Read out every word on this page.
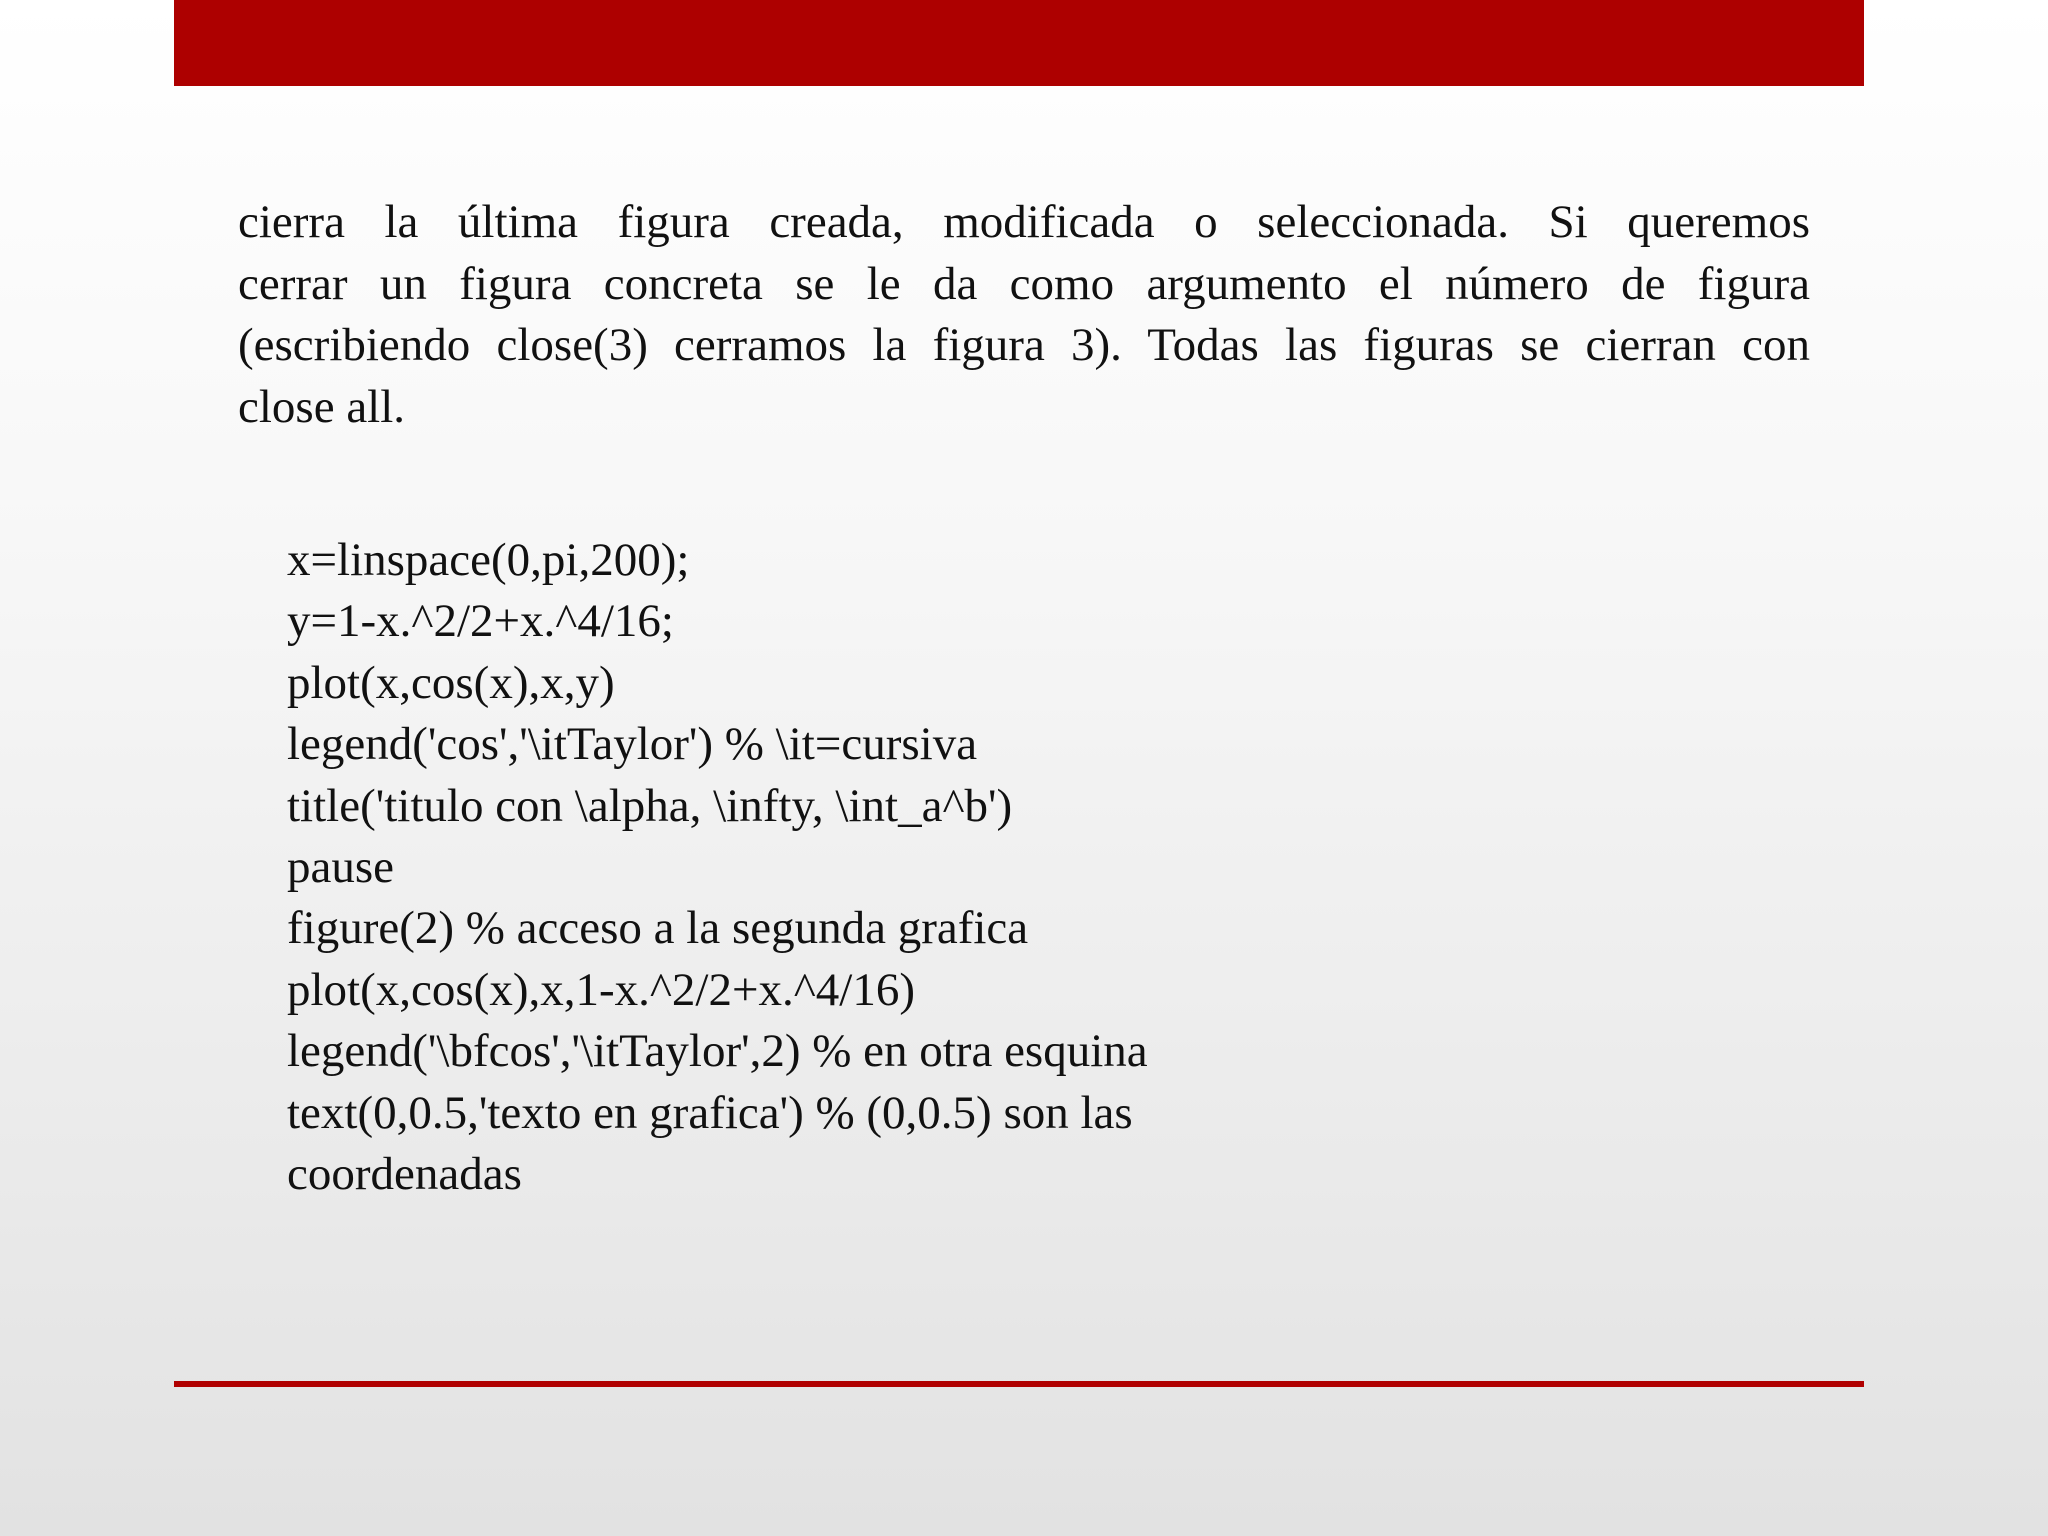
cierra la última figura creada, modificada o seleccionada. Si queremos
cerrar un figura concreta se le da como argumento el número de figura
(escribiendo close(3) cerramos la figura 3). Todas las figuras se cierran con
close all.
x=linspace(0,pi,200);
y=1-x.^2/2+x.^4/16;
plot(x,cos(x),x,y)
legend('cos','\itTaylor') % \it=cursiva
title('titulo con \alpha, \infty, \int_a^b')
pause
figure(2) % acceso a la segunda grafica
plot(x,cos(x),x,1-x.^2/2+x.^4/16)
legend('\bfcos','\itTaylor',2) % en otra esquina
text(0,0.5,'texto en grafica') % (0,0.5) son las
coordenadas
